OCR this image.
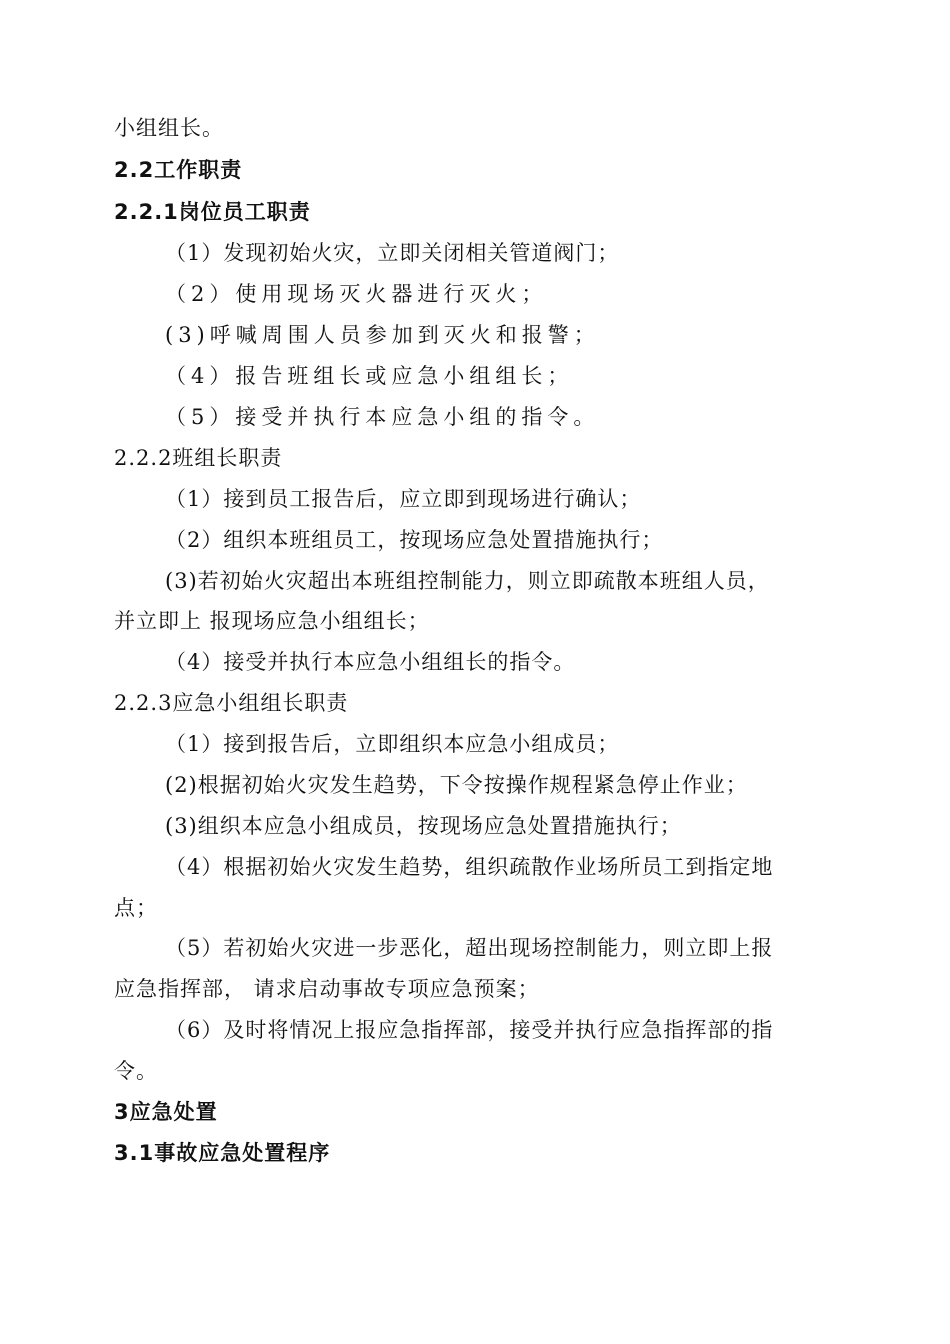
小组组长。
2.2工作职责
2.2.1岗位员工职责
（1）发现初始火灾，立即关闭相关管道阀门；
（2）使用现场灭火器进行灭火；
(3)呼喊周围人员参加到灭火和报警；
（4）报告班组长或应急小组组长；
（5）接受并执行本应急小组的指令。
2.2.2班组长职责
（1）接到员工报告后，应立即到现场进行确认；
（2）组织本班组员工，按现场应急处置措施执行；
(3)若初始火灾超出本班组控制能力，则立即疏散本班组人员，
并立即上 报现场应急小组组长；
（4）接受并执行本应急小组组长的指令。
2.2.3应急小组组长职责
（1）接到报告后，立即组织本应急小组成员；
(2)根据初始火灾发生趋势，下令按操作规程紧急停止作业；
(3)组织本应急小组成员，按现场应急处置措施执行；
（4）根据初始火灾发生趋势，组织疏散作业场所员工到指定地
点；
（5）若初始火灾进一步恶化，超出现场控制能力，则立即上报
应急指挥部， 请求启动事故专项应急预案；
（6）及时将情况上报应急指挥部，接受并执行应急指挥部的指
令。
3应急处置
3.1事故应急处置程序
